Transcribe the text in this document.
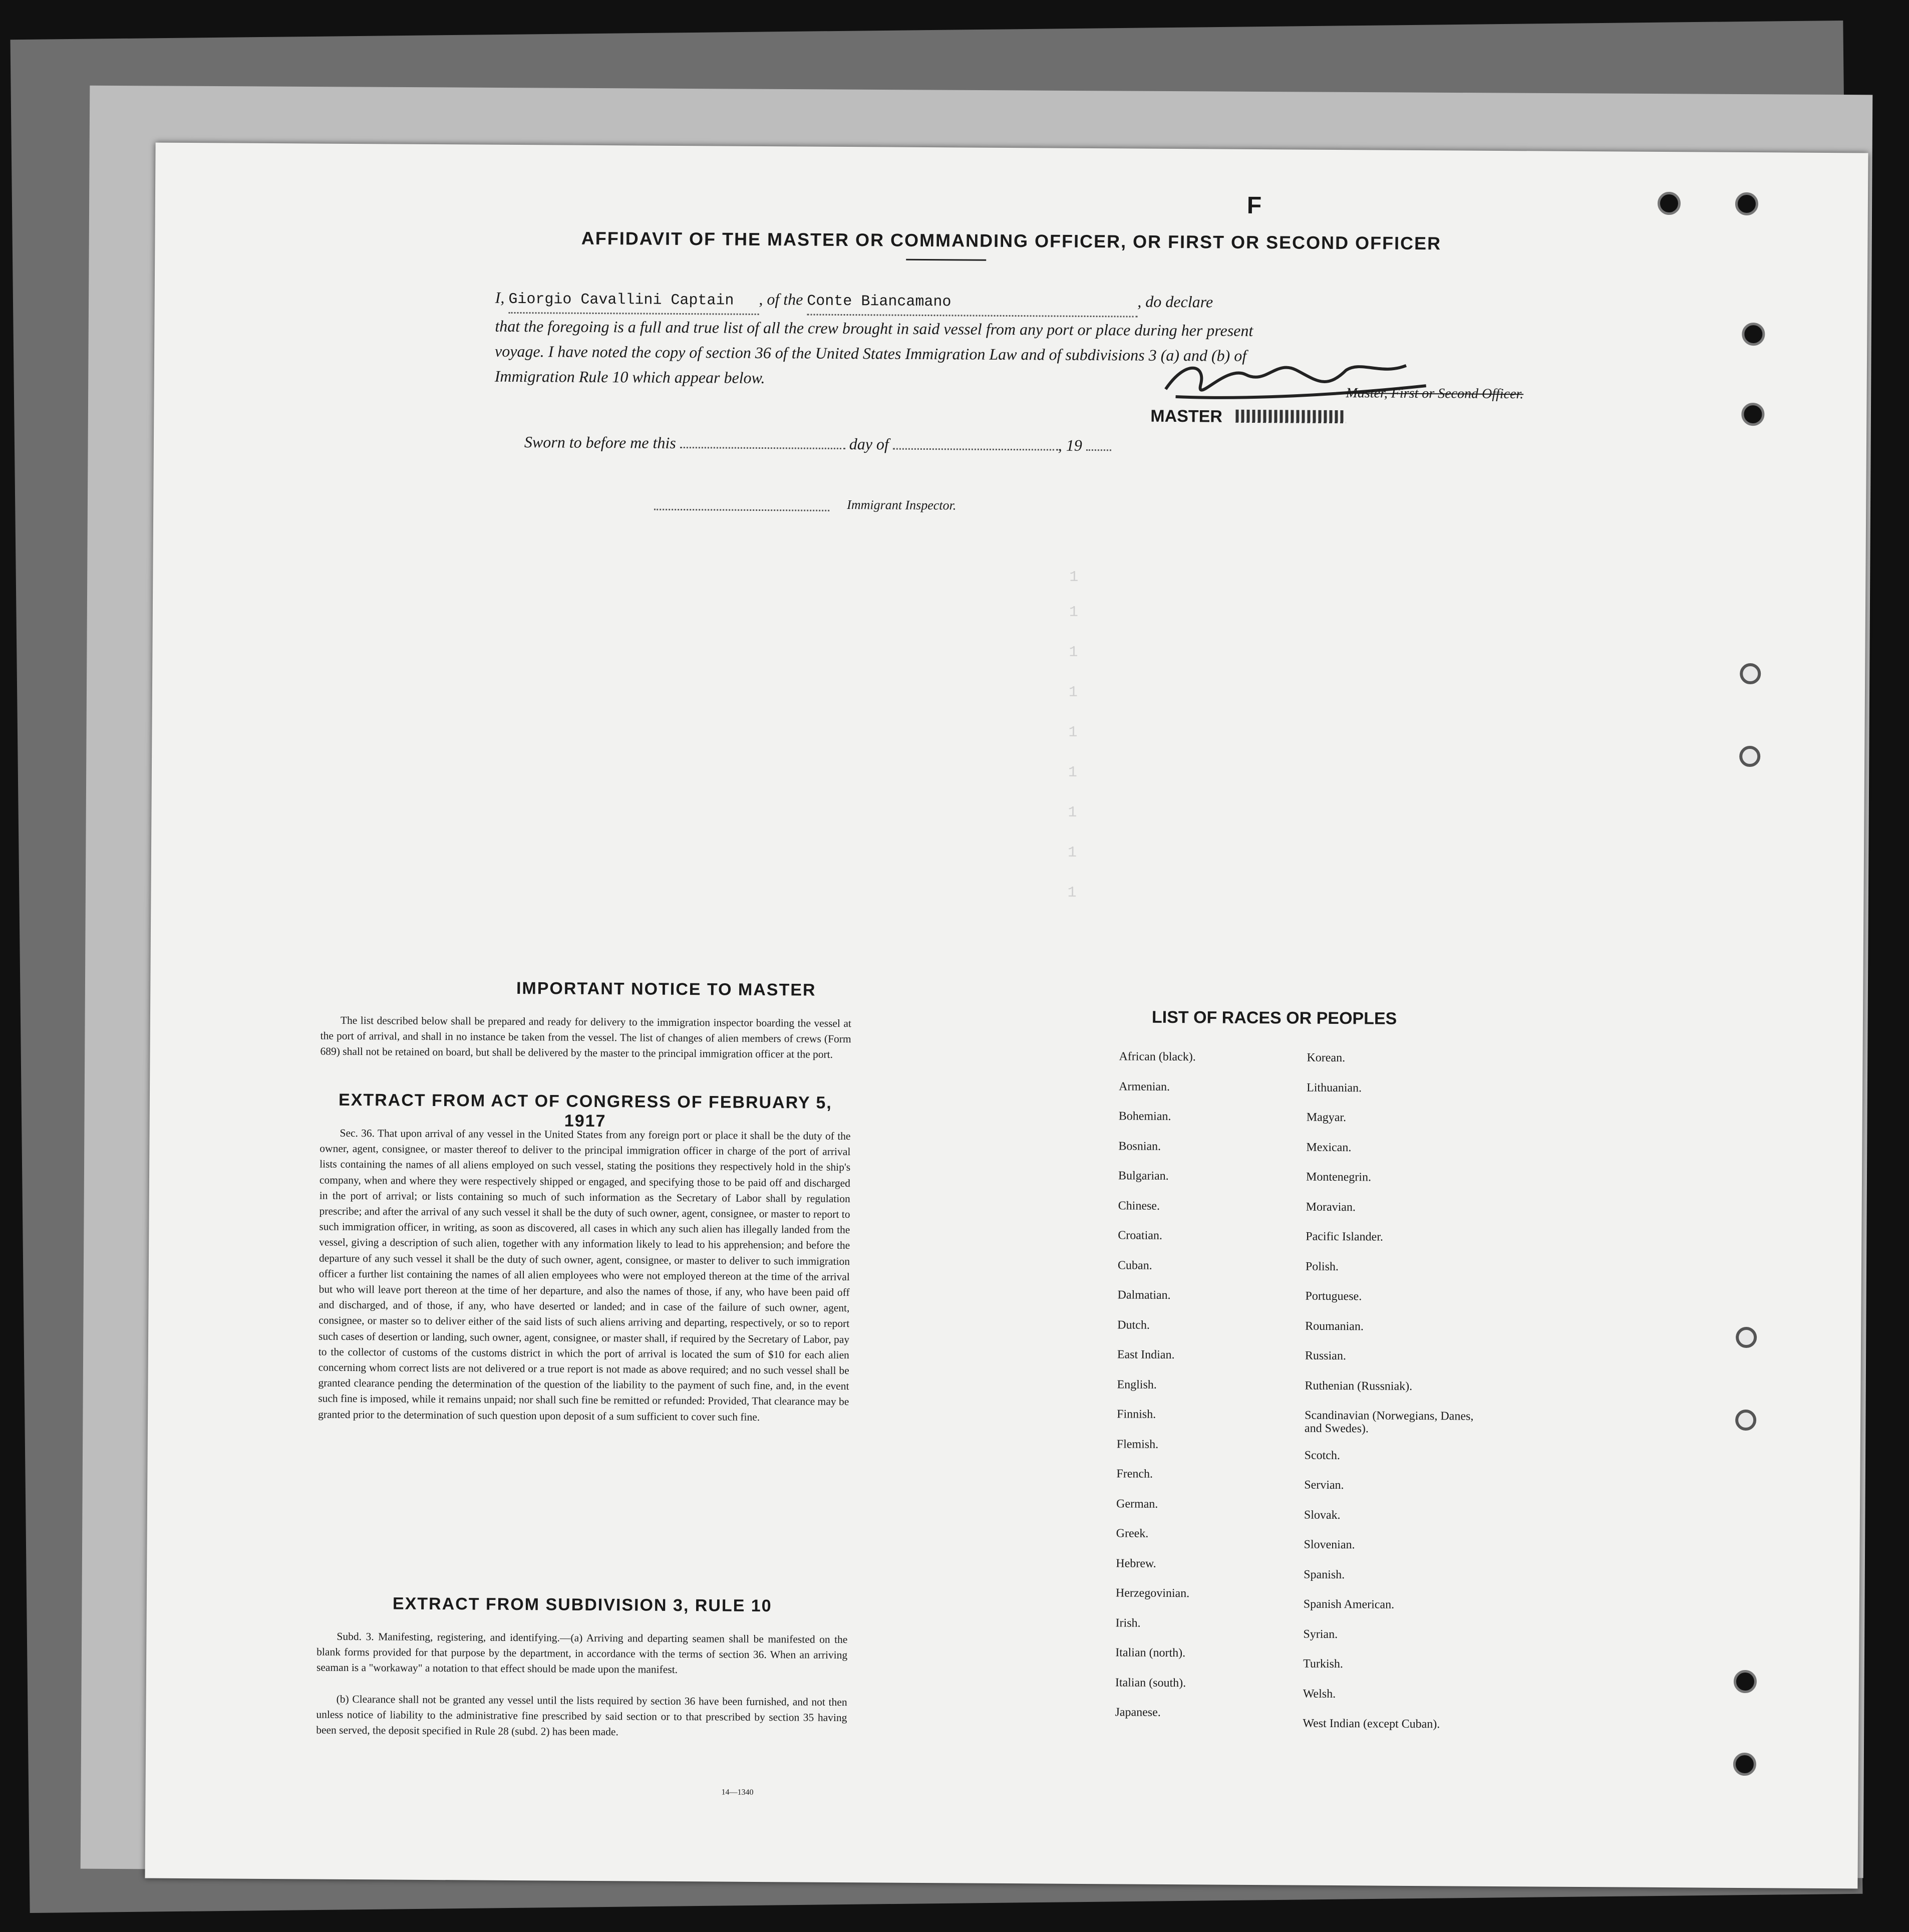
F
AFFIDAVIT OF THE MASTER OR COMMANDING OFFICER, OR FIRST OR SECOND OFFICER
I, Giorgio Cavallini Captain , of the Conte Biancamano	, do declare
that the foregoing is a full and true list of all the crew brought in said vessel from any port or place during her present
voyage. I have noted the copy of section 36 of the United States Immigration Law and of subdivisions 3 (a) and (b) of
Immigration Rule 10 which appear below.
Master, First or Second Officer.
MASTER
Sworn to before me this	day of	, 19
Immigrant Inspector.
1
1
1
1
1
1
1
1
1
IMPORTANT NOTICE TO MASTER
The list described below shall be prepared and ready for delivery to the immigration inspector boarding the vessel at the port of arrival, and shall in no instance be taken from the vessel. The list of changes of alien members of crews (Form 689) shall not be retained on board, but shall be delivered by the master to the principal immigration officer at the port.
EXTRACT FROM ACT OF CONGRESS OF FEBRUARY 5, 1917
Sec. 36. That upon arrival of any vessel in the United States from any foreign port or place it shall be the duty of the owner, agent, consignee, or master thereof to deliver to the principal immigration officer in charge of the port of arrival lists containing the names of all aliens employed on such vessel, stating the positions they respectively hold in the ship's company, when and where they were respectively shipped or engaged, and specifying those to be paid off and discharged in the port of arrival; or lists containing so much of such information as the Secretary of Labor shall by regulation prescribe; and after the arrival of any such vessel it shall be the duty of such owner, agent, consignee, or master to report to such immigration officer, in writing, as soon as discovered, all cases in which any such alien has illegally landed from the vessel, giving a description of such alien, together with any information likely to lead to his apprehension; and before the departure of any such vessel it shall be the duty of such owner, agent, consignee, or master to deliver to such immigration officer a further list containing the names of all alien employees who were not employed thereon at the time of the arrival but who will leave port thereon at the time of her departure, and also the names of those, if any, who have been paid off and discharged, and of those, if any, who have deserted or landed; and in case of the failure of such owner, agent, consignee, or master so to deliver either of the said lists of such aliens arriving and departing, respectively, or so to report such cases of desertion or landing, such owner, agent, consignee, or master shall, if required by the Secretary of Labor, pay to the collector of customs of the customs district in which the port of arrival is located the sum of $10 for each alien concerning whom correct lists are not delivered or a true report is not made as above required; and no such vessel shall be granted clearance pending the determination of the question of the liability to the payment of such fine, and, in the event such fine is imposed, while it remains unpaid; nor shall such fine be remitted or refunded: Provided, That clearance may be granted prior to the determination of such question upon deposit of a sum sufficient to cover such fine.
EXTRACT FROM SUBDIVISION 3, RULE 10
Subd. 3. Manifesting, registering, and identifying.—(a) Arriving and departing seamen shall be manifested on the blank forms provided for that purpose by the department, in accordance with the terms of section 36. When an arriving seaman is a "workaway" a notation to that effect should be made upon the manifest.
(b) Clearance shall not be granted any vessel until the lists required by section 36 have been furnished, and not then unless notice of liability to the administrative fine prescribed by said section or to that prescribed by section 35 having been served, the deposit specified in Rule 28 (subd. 2) has been made.
14—1340
LIST OF RACES OR PEOPLES
African (black).
Armenian.
Bohemian.
Bosnian.
Bulgarian.
Chinese.
Croatian.
Cuban.
Dalmatian.
Dutch.
East Indian.
English.
Finnish.
Flemish.
French.
German.
Greek.
Hebrew.
Herzegovinian.
Irish.
Italian (north).
Italian (south).
Japanese.
Korean.
Lithuanian.
Magyar.
Mexican.
Montenegrin.
Moravian.
Pacific Islander.
Polish.
Portuguese.
Roumanian.
Russian.
Ruthenian (Russniak).
Scandinavian (Norwegians, Danes, and Swedes).
Scotch.
Servian.
Slovak.
Slovenian.
Spanish.
Spanish American.
Syrian.
Turkish.
Welsh.
West Indian (except Cuban).
